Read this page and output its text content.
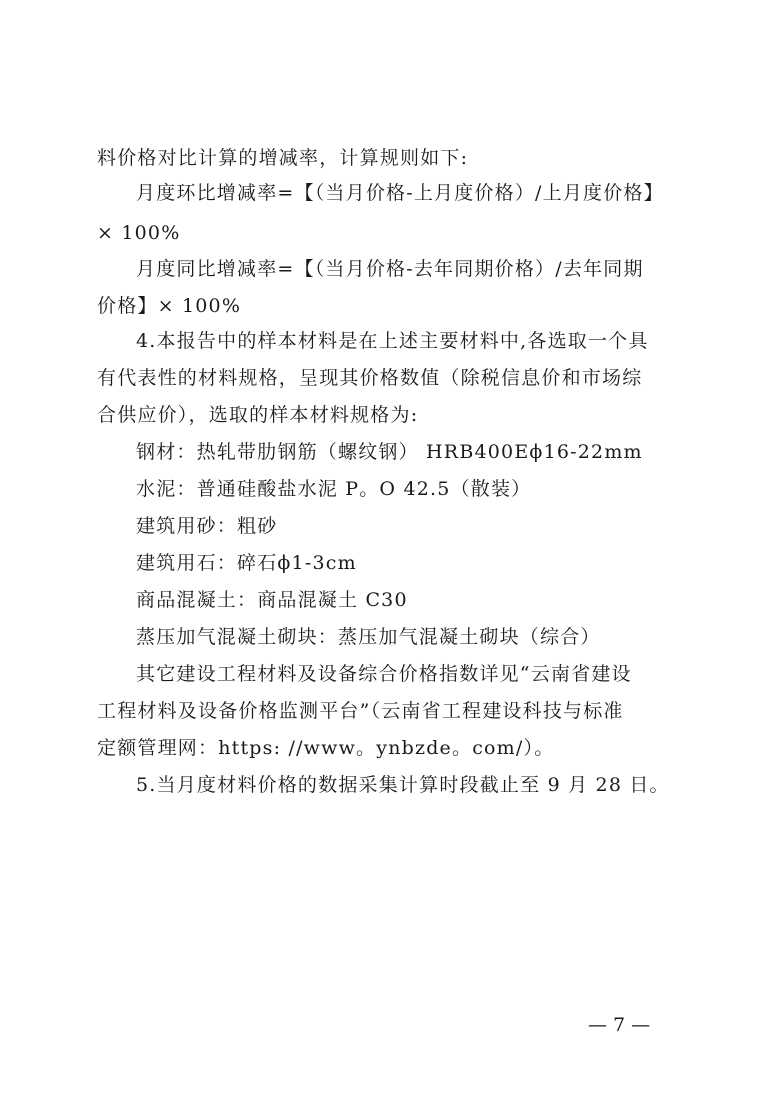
料价格对比计算的增减率，计算规则如下:
月度环比增减率=【（当月价格-上月度价格）/上月度价格】
× 100%
月度同比增减率=【（当月价格-去年同期价格）/去年同期
价格】× 100%
4.本报告中的样本材料是在上述主要材料中,各选取一个具
有代表性的材料规格，呈现其价格数值（除税信息价和市场综
合供应价），选取的样本材料规格为:
钢材：热轧带肋钢筋（螺纹钢） HRB400Eϕ16-22mm
水泥：普通硅酸盐水泥 P。O 42.5（散装）
建筑用砂：粗砂
建筑用石：碎石ϕ1-3cm
商品混凝土：商品混凝土 C30
蒸压加气混凝土砌块：蒸压加气混凝土砌块（综合）
其它建设工程材料及设备综合价格指数详见“云南省建设
工程材料及设备价格监测平台”（云南省工程建设科技与标准
定额管理网：https: //www。ynbzde。com/）。
5.当月度材料价格的数据采集计算时段截止至 9 月 28 日。
— 7 —
